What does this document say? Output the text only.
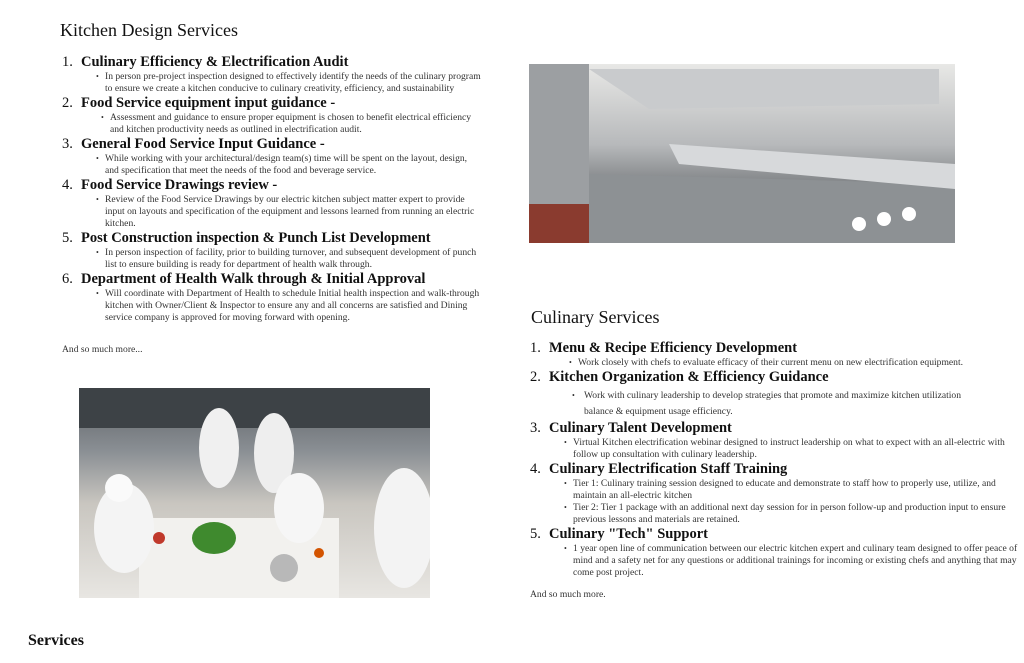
Kitchen Design Services
1. Culinary Efficiency & Electrification Audit
• In person pre-project inspection designed to effectively identify the needs of the culinary program to ensure we create a kitchen conducive to culinary creativity, efficiency, and sustainability
2. Food Service equipment input guidance -
• Assessment and guidance to ensure proper equipment is chosen to benefit electrical efficiency and kitchen productivity needs as outlined in electrification audit.
3. General Food Service Input Guidance -
• While working with your architectural/design team(s) time will be spent on the layout, design, and specification that meet the needs of the food and beverage service.
4. Food Service Drawings review -
• Review of the Food Service Drawings by our electric kitchen subject matter expert to provide input on layouts and specification of the equipment and lessons learned from running an electric kitchen.
5. Post Construction inspection & Punch List Development
• In person inspection of facility, prior to building turnover, and subsequent development of punch list to ensure building is ready for department of health walk through.
6. Department of Health Walk through & Initial Approval
• Will coordinate with Department of Health to schedule Initial health inspection and walk-through kitchen with Owner/Client & Inspector to ensure any and all concerns are satisfied and Dining service company is approved for moving forward with opening.
And so much more...
Culinary Services
1. Menu & Recipe Efficiency Development
• Work closely with chefs to evaluate efficacy of their current menu on new electrification equipment.
2. Kitchen Organization & Efficiency Guidance
• Work with culinary leadership to develop strategies that promote and maximize kitchen utilization balance & equipment usage efficiency.
3. Culinary Talent Development
• Virtual Kitchen electrification webinar designed to instruct leadership on what to expect with an all-electric with follow up consultation with culinary leadership.
4. Culinary Electrification Staff Training
• Tier 1: Culinary training session designed to educate and demonstrate to staff how to properly use, utilize, and maintain an all-electric kitchen
• Tier 2: Tier 1 package with an additional next day session for in person follow-up and production input to ensure previous lessons and materials are retained.
5. Culinary "Tech" Support
• 1 year open line of communication between our electric kitchen expert and culinary team designed to offer peace of mind and a safety net for any questions or additional trainings for incoming or existing chefs and anything that may come post project.
And so much more.
Services
